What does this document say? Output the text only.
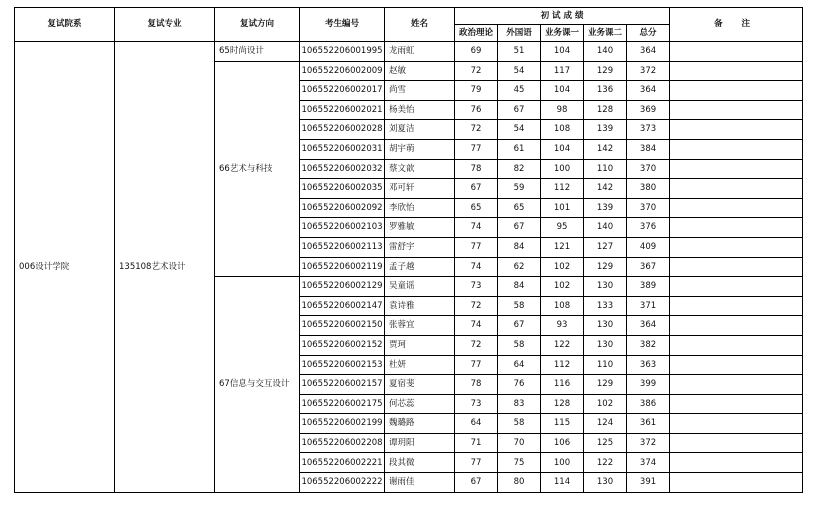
复试院系	复试专业	复试方向	考生编号	姓名	初 试 成 绩					备 注
					政治理论	外国语	业务课一	业务课二	总分	
006设计学院	135108艺术设计	65时尚设计	106552206001995	龙雨虹	69	51	104	140	364	
		66艺术与科技	106552206002009	赵敏	72	54	117	129	372	
			106552206002017	尚雪	79	45	104	136	364	
			106552206002021	杨美怡	76	67	98	128	369	
			106552206002028	刘夏洁	72	54	108	139	373	
			106552206002031	胡宇萌	77	61	104	142	384	
			106552206002032	蔡文歆	78	82	100	110	370	
			106552206002035	邓可轩	67	59	112	142	380	
			106552206002092	李欣怡	65	65	101	139	370	
			106552206002103	罗雅敏	74	67	95	140	376	
			106552206002113	雷舒宇	77	84	121	127	409	
			106552206002119	孟子越	74	62	102	129	367	
		67信息与交互设计	106552206002129	吴童谣	73	84	102	130	389	
			106552206002147	袁诗雅	72	58	108	133	371	
			106552206002150	张蓉宜	74	67	93	130	364	
			106552206002152	贾珂	72	58	122	130	382	
			106552206002153	杜妍	77	64	112	110	363	
			106552206002157	夏宿斐	78	76	116	129	399	
			106552206002175	何芯蕊	73	83	128	102	386	
			106552206002199	魏璐路	64	58	115	124	361	
			106552206002208	谭玥阳	71	70	106	125	372	
			106552206002221	段其微	77	75	100	122	374	
			106552206002222	谢雨佳	67	80	114	130	391	
